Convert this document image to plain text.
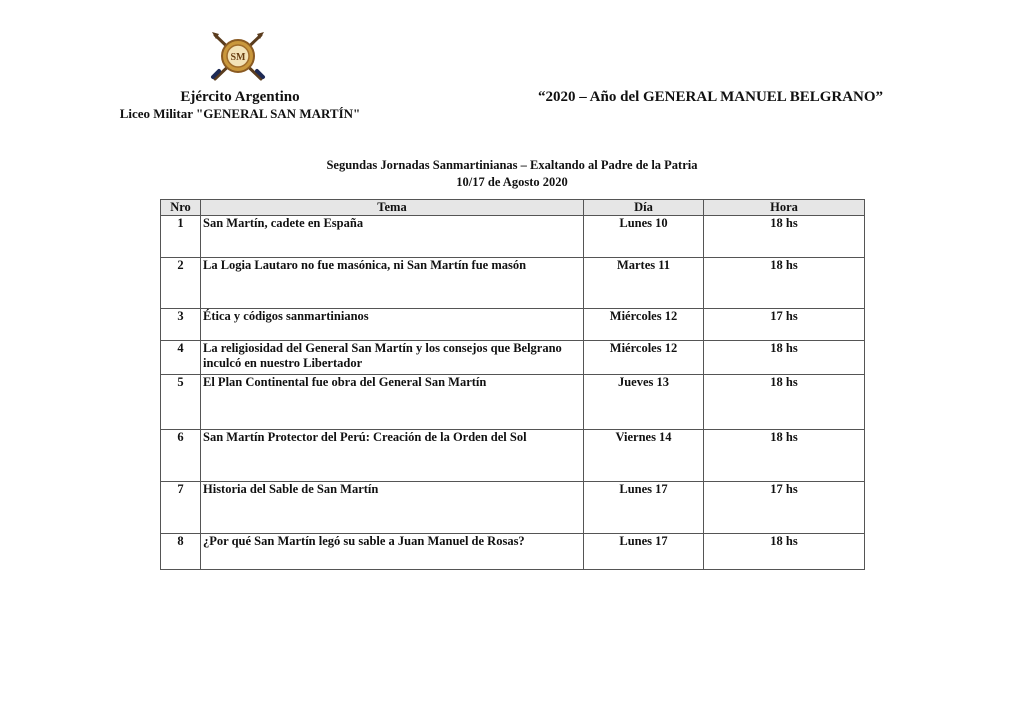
SM
Ejército Argentino
Liceo Militar "GENERAL SAN MARTÍN"
“2020 – Año del GENERAL MANUEL BELGRANO”
Segundas Jornadas Sanmartinianas – Exaltando al Padre de la Patria
10/17 de Agosto 2020
Nro	Tema	Día	Hora
1	San Martín, cadete en España	Lunes 10	18 hs
2	La Logia Lautaro no fue masónica, ni San Martín fue masón	Martes 11	18 hs
3	Ética y códigos sanmartinianos	Miércoles 12	17 hs
4	La religiosidad del General San Martín y los consejos que Belgrano inculcó en nuestro Libertador	Miércoles 12	18 hs
5	El Plan Continental fue obra del General San Martín	Jueves 13	18 hs
6	San Martín Protector del Perú: Creación de la Orden del Sol	Viernes 14	18 hs
7	Historia del Sable de San Martín	Lunes 17	17 hs
8	¿Por qué San Martín legó su sable a Juan Manuel de Rosas?	Lunes 17	18 hs
